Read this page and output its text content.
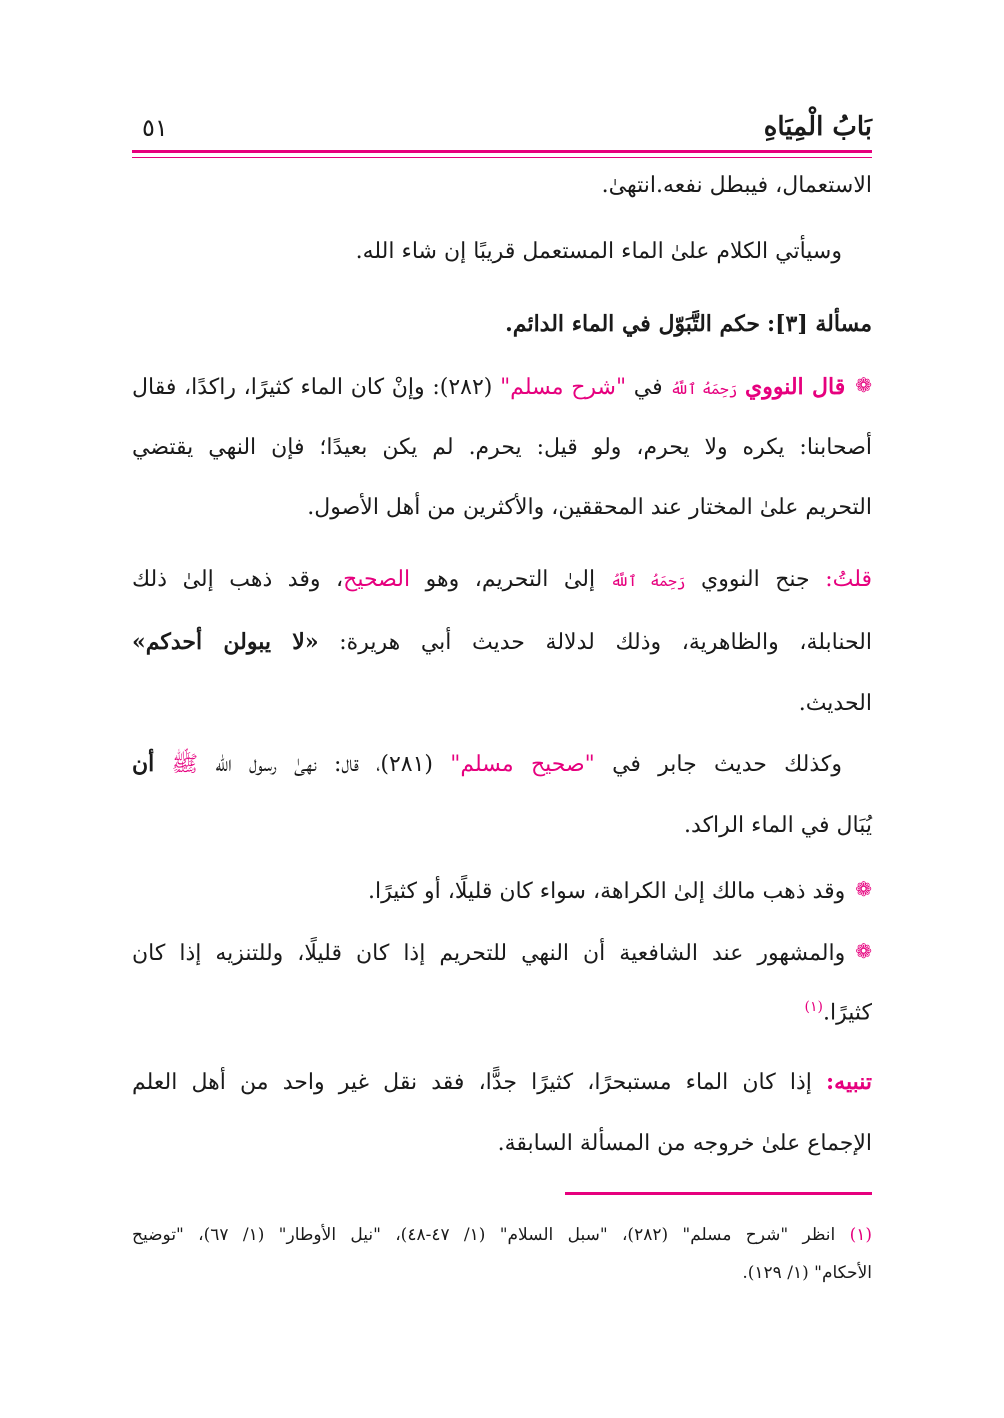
بَابُ الْمِيَاهِ
٥١
الاستعمال، فيبطل نفعه.انتهىٰ.
وسيأتي الكلام علىٰ الماء المستعمل قريبًا إن شاء الله.
مسألة [٣]: حكم التَّبَوّل في الماء الدائم.
❁قال النووي رَحِمَهُ ٱللَّهُ في "شرح مسلم" (٢٨٢): وإنْ كان الماء كثيرًا، راكدًا، فقال
أصحابنا: يكره ولا يحرم، ولو قيل: يحرم. لم يكن بعيدًا؛ فإن النهي يقتضي
التحريم علىٰ المختار عند المحققين، والأكثرين من أهل الأصول.
قلتُ: جنح النووي رَحِمَهُ ٱللَّهُ إلىٰ التحريم، وهو الصحيح، وقد ذهب إلىٰ ذلك
الحنابلة، والظاهرية، وذلك لدلالة حديث أبي هريرة: «لا يبولن أحدكم»
الحديث.
وكذلك حديث جابر في "صحيح مسلم" (٢٨١)، قال: نهىٰ رسول الله ﷺ أن
يُبَال في الماء الراكد.
❁وقد ذهب مالك إلىٰ الكراهة، سواء كان قليلًا، أو كثيرًا.
❁والمشهور عند الشافعية أن النهي للتحريم إذا كان قليلًا، وللتنزيه إذا كان
كثيرًا.$^{(١)}$
تنبيه: إذا كان الماء مستبحرًا، كثيرًا جدًّا، فقد نقل غير واحد من أهل العلم
الإجماع علىٰ خروجه من المسألة السابقة.
(١) انظر "شرح مسلم" (٢٨٢)، "سبل السلام" (١/ ٤٧-٤٨)، "نيل الأوطار" (١/ ٦٧)، "توضيح
الأحكام" (١/ ١٢٩).
